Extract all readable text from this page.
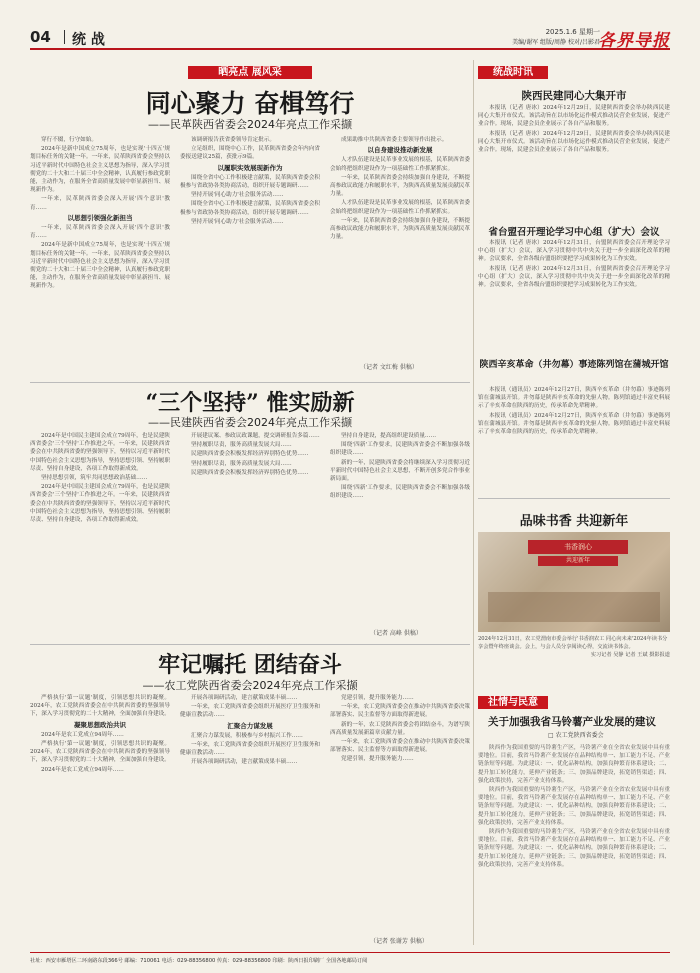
04 统 战	2025.1.6 星期一
美编/谢军 组版/周静 校对/吕影君
各界导报
晒亮点 展风采
同心聚力 奋楫笃行
——民革陕西省委会2024年亮点工作采撷

穿行不辍，行守如始。

2024年是新中国成立75周年，也是实现'十四五'规划目标任务的关键一年。一年来，民革陕西省委会坚持以习近平新时代中国特色社会主义思想为指导，深入学习贯彻党的二十大和二十届三中全会精神，认真履行参政党职能，主动作为，在服务全省高质量发展中彰显新担当、展现新作为。

一年来，民革陕西省委会深入开展'四个意识'教育……

以思想引领强化新担当

一年来，民革陕西省委会深入开展'四个意识'教育……

2024年是新中国成立75周年，也是实现'十四五'规划目标任务的关键一年。一年来，民革陕西省委会坚持以习近平新时代中国特色社会主义思想为指导，深入学习贯彻党的二十大和二十届三中全会精神，认真履行参政党职能，主动作为，在服务全省高质量发展中彰显新担当、展现新作为。

该调研报告获省委领导肯定批示。

立足组织，围绕中心工作，民革陕西省委会年内向省委报送建议25篇，获批示9篇。

以履职实效展现新作为

围绕全省中心工作积极建言献策，民革陕西省委会积极参与省政协各类协商活动，组织开展专题调研……

坚持开展'同心助力'社会服务活动……

围绕全省中心工作积极建言献策，民革陕西省委会积极参与省政协各类协商活动，组织开展专题调研……

坚持开展'同心助力'社会服务活动……

成果助推中共陕西省委主要领导作出批示。

以自身建设推动新发展

人才队伍建设是民革事业发展的根基，民革陕西省委会始终把组织建设作为一项基础性工作抓紧抓实。

一年来，民革陕西省委会持续加强自身建设，不断提高参政议政能力和履职水平，为陕西高质量发展贡献民革力量。

人才队伍建设是民革事业发展的根基，民革陕西省委会始终把组织建设作为一项基础性工作抓紧抓实。

一年来，民革陕西省委会持续加强自身建设，不断提高参政议政能力和履职水平，为陕西高质量发展贡献民革力量。

（记者 文红梅 供稿）
“三个坚持” 惟实励新
——民建陕西省委会2024年亮点工作采撷

2024年是中国民主建国会成立79周年，也是民建陕西省委会'三个坚持'工作推进之年。一年来，民建陕西省委会在中共陕西省委的坚强领导下，坚持以习近平新时代中国特色社会主义思想为指导，坚持思想引领、坚持履职尽责、坚持自身建设，各项工作取得新成效。

坚持思想引领，筑牢共同思想政治基础……

2024年是中国民主建国会成立79周年，也是民建陕西省委会'三个坚持'工作推进之年。一年来，民建陕西省委会在中共陕西省委的坚强领导下，坚持以习近平新时代中国特色社会主义思想为指导，坚持思想引领、坚持履职尽责、坚持自身建设，各项工作取得新成效。

开展建议案、参政议政课题，提交调研报告多篇……

坚持履职尽责，服务高质量发展大局……

民建陕西省委会积极发挥经济界别特色优势……

坚持履职尽责，服务高质量发展大局……

民建陕西省委会积极发挥经济界别特色优势……

坚持自身建设，提高组织建设质量……

围绕'四新'工作要求，民建陕西省委会不断加强各级组织建设……

新的一年，民建陕西省委会将继续深入学习贯彻习近平新时代中国特色社会主义思想，不断开创多党合作事业新局面。

围绕'四新'工作要求，民建陕西省委会不断加强各级组织建设……

（记者 高峰 供稿）
牢记嘱托 团结奋斗
——农工党陕西省委会2024年亮点工作采撷

严格执行'第一议题'制度，引领思想共识的凝聚。2024年，农工党陕西省委会在中共陕西省委的坚强领导下，深入学习贯彻党的二十大精神，全面加强自身建设。

凝聚思想政治共识

2024年是农工党成立94周年……

严格执行'第一议题'制度，引领思想共识的凝聚。2024年，农工党陕西省委会在中共陕西省委的坚强领导下，深入学习贯彻党的二十大精神，全面加强自身建设。

2024年是农工党成立94周年……

开展各项调研活动，建言献策成果丰硕……

一年来，农工党陕西省委会组织开展医疗卫生服务和健康宣教活动……

汇聚合力谋发展

汇聚合力谋发展，积极参与乡村振兴工作……

一年来，农工党陕西省委会组织开展医疗卫生服务和健康宣教活动……

开展各项调研活动，建言献策成果丰硕……

党建引领，提升服务能力……

一年来，农工党陕西省委会在推动中共陕西省委决策部署落实、民主监督等方面取得新进展。

新的一年，农工党陕西省委会将团结奋斗，为谱写陕西高质量发展新篇章贡献力量。

一年来，农工党陕西省委会在推动中共陕西省委决策部署落实、民主监督等方面取得新进展。

党建引领，提升服务能力……

（记者 张谢芳 供稿）
统战时讯
陕西民建同心大集开市

本报讯（记者 唐冰）2024年12月29日，民建陕西省委会举办陕西民建同心大集开市仪式。该活动旨在以市场化运作模式推动民营企业发展，促进产业合作。现场，民建会员企业展示了各自产品和服务。

本报讯（记者 唐冰）2024年12月29日，民建陕西省委会举办陕西民建同心大集开市仪式。该活动旨在以市场化运作模式推动民营企业发展，促进产业合作。现场，民建会员企业展示了各自产品和服务。

省台盟召开理论学习中心组（扩大）会议

本报讯（记者 唐冰）2024年12月31日，台盟陕西省委会召开理论学习中心组（扩大）会议，深入学习贯彻中共中央关于进一步全面深化改革的精神。会议要求，全省各级台盟组织要把学习成果转化为工作实效。

本报讯（记者 唐冰）2024年12月31日，台盟陕西省委会召开理论学习中心组（扩大）会议，深入学习贯彻中共中央关于进一步全面深化改革的精神。会议要求，全省各级台盟组织要把学习成果转化为工作实效。

陕西辛亥革命（井勿幕）事迹陈列馆在蒲城开馆

本报讯（通讯员）2024年12月27日，陕西辛亥革命（井勿幕）事迹陈列馆在蒲城县开馆。井勿幕是陕西辛亥革命的先驱人物。陈列馆通过丰富史料展示了辛亥革命在陕西的历史，传承革命先辈精神。

本报讯（通讯员）2024年12月27日，陕西辛亥革命（井勿幕）事迹陈列馆在蒲城县开馆。井勿幕是陕西辛亥革命的先驱人物。陈列馆通过丰富史料展示了辛亥革命在陕西的历史，传承革命先辈精神。

品味书香 共迎新年
书香润心
共迎新年
2024年12月31日，农工党渭南市委会举行'书香润农工 同心向未来'2024年读书分享会暨年终座谈会。会上，与会人员分享阅读心得，交流读书体会。
实习记者 吴静 记者 王斌 摄影报道
社情与民意
关于加强我省马铃薯产业发展的建议
□ 农工党陕西省委会

陕西作为我国重要的马铃薯生产区，马铃薯产业在全省农业发展中具有重要地位。目前，我省马铃薯产业发展存在品种结构单一、加工能力不足、产业链条短等问题。为此建议：一、优化品种结构，加强良种繁育体系建设；二、提升加工转化能力，延伸产业链条；三、加强品牌建设，拓宽销售渠道；四、强化政策扶持，完善产业支持体系。

陕西作为我国重要的马铃薯生产区，马铃薯产业在全省农业发展中具有重要地位。目前，我省马铃薯产业发展存在品种结构单一、加工能力不足、产业链条短等问题。为此建议：一、优化品种结构，加强良种繁育体系建设；二、提升加工转化能力，延伸产业链条；三、加强品牌建设，拓宽销售渠道；四、强化政策扶持，完善产业支持体系。

陕西作为我国重要的马铃薯生产区，马铃薯产业在全省农业发展中具有重要地位。目前，我省马铃薯产业发展存在品种结构单一、加工能力不足、产业链条短等问题。为此建议：一、优化品种结构，加强良种繁育体系建设；二、提升加工转化能力，延伸产业链条；三、加强品牌建设，拓宽销售渠道；四、强化政策扶持，完善产业支持体系。

社址：西安市雁塔区二环南路东段366号 邮编：710061 电话：029-88356800 传真：029-88356800 印刷：陕西日报印刷厂 全国各地邮局订阅
